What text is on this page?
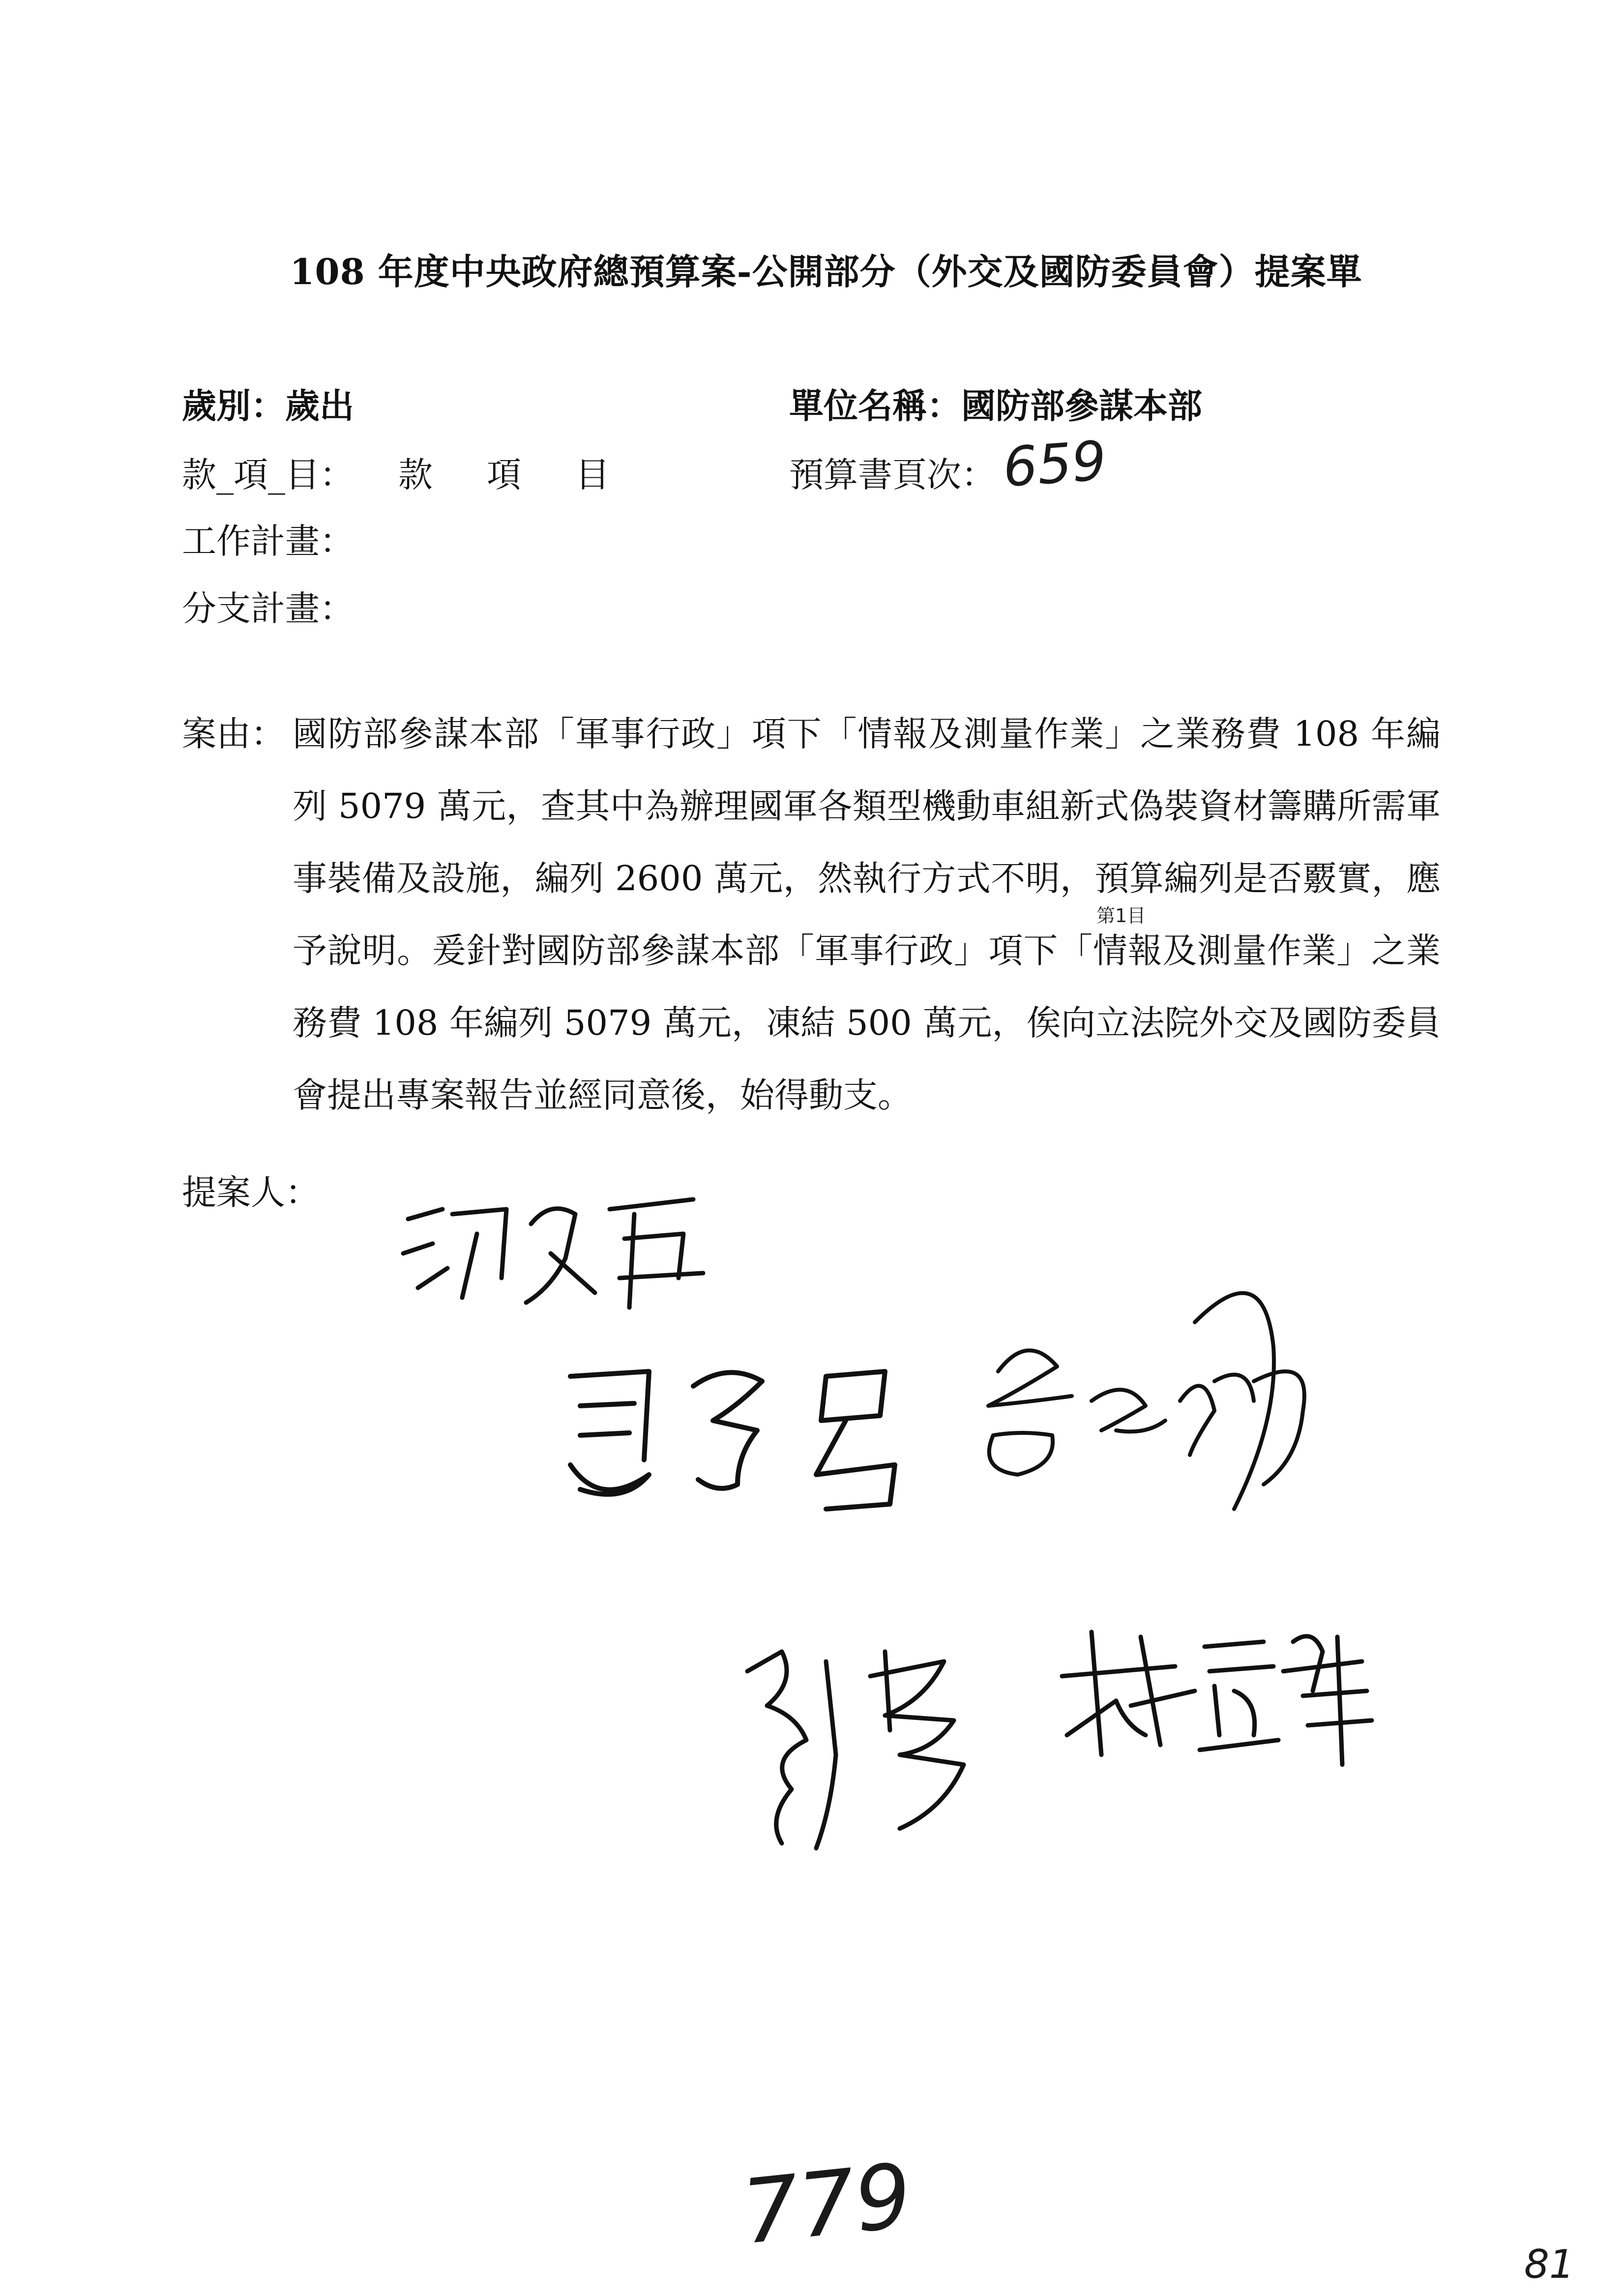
108 年度中央政府總預算案-公開部分（外交及國防委員會）提案單
歲別：歲出	單位名稱：國防部參謀本部
款_項_目： 款項目	預算書頁次： 659
工作計畫：
分支計畫：
案由： 國防部參謀本部「軍事行政」項下「情報及測量作業」之業務費 108 年編列 5079 萬元，查其中為辦理國軍各類型機動車組新式偽裝資材籌購所需軍事裝備及設施，編列 2600 萬元，然執行方式不明，預算編列是否覈實，應予說明。爰針對國防部參謀本部「軍事行政」項下「情報及測量作業」之業務費 108 年編列 5079 萬元，凍結 500 萬元，俟向立法院外交及國防委員會提出專案報告並經同意後，始得動支。
第1目
提案人：
779
81
